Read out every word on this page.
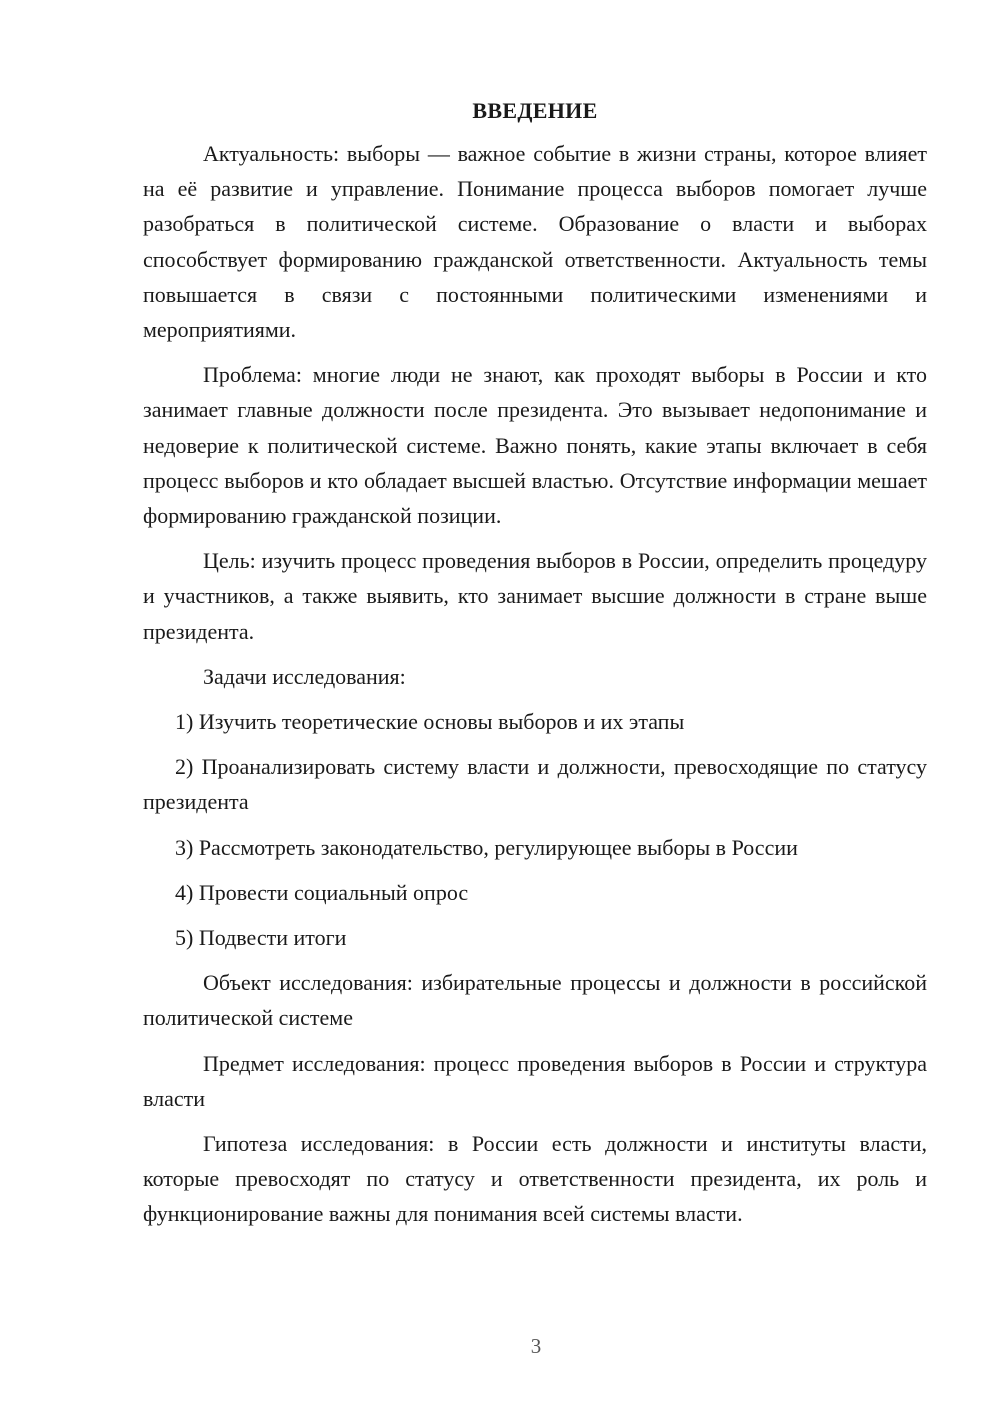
ВВЕДЕНИЕ

Актуальность: выборы — важное событие в жизни страны, которое влияет на её развитие и управление. Понимание процесса выборов помогает лучше разобраться в политической системе. Образование о власти и выборах способствует формированию гражданской ответственности. Актуальность темы повышается в связи с постоянными политическими изменениями и мероприятиями.

Проблема: многие люди не знают, как проходят выборы в России и кто занимает главные должности после президента. Это вызывает недопонимание и недоверие к политической системе. Важно понять, какие этапы включает в себя процесс выборов и кто обладает высшей властью. Отсутствие информации мешает формированию гражданской позиции.

Цель: изучить процесс проведения выборов в России, определить процедуру и участников, а также выявить, кто занимает высшие должности в стране выше президента.

Задачи исследования:

1) Изучить теоретические основы выборов и их этапы

2) Проанализировать систему власти и должности, превосходящие по статусу президента

3) Рассмотреть законодательство, регулирующее выборы в России

4) Провести социальный опрос

5) Подвести итоги

Объект исследования: избирательные процессы и должности в российской политической системе

Предмет исследования: процесс проведения выборов в России и структура власти

Гипотеза исследования: в России есть должности и институты власти, которые превосходят по статусу и ответственности президента, их роль и функционирование важны для понимания всей системы власти.

3
